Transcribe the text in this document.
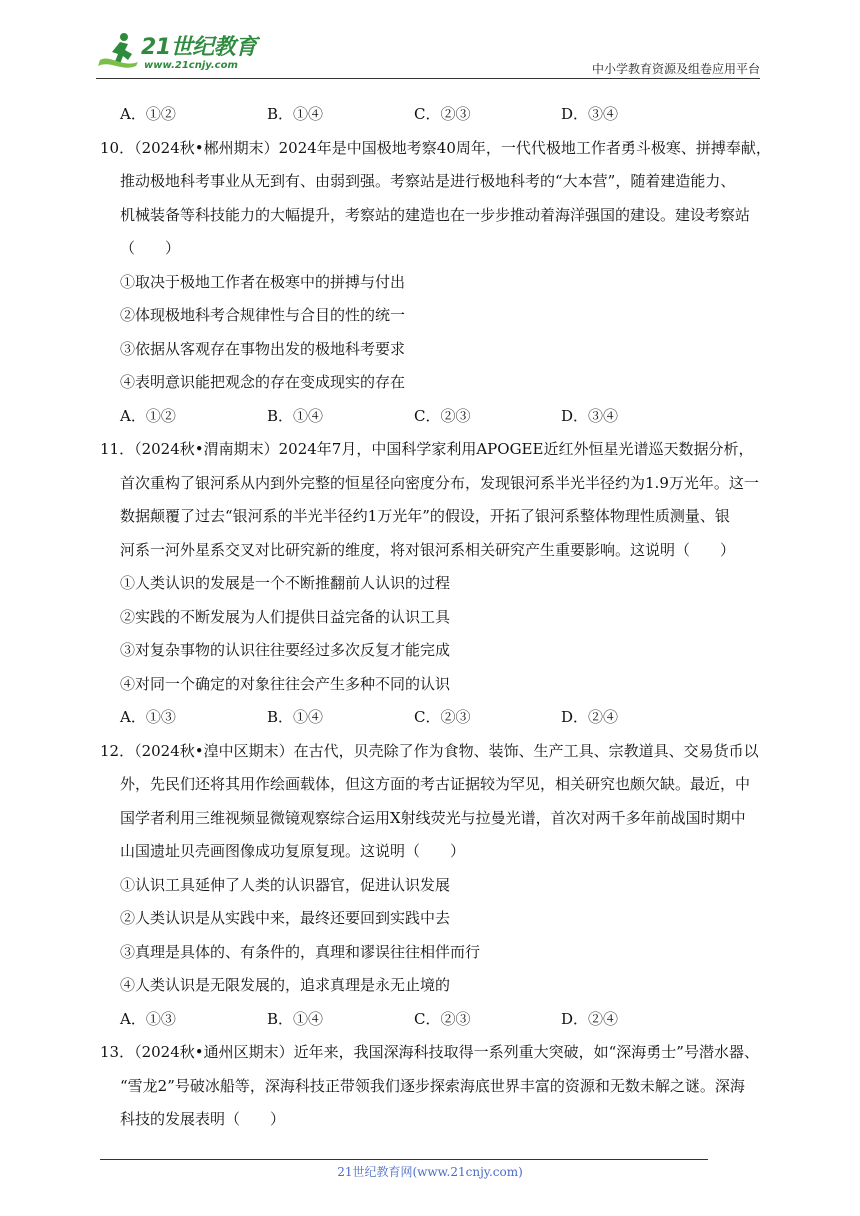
21世纪教育
www.21cnjy.com	中小学教育资源及组卷应用平台
A．①②	B．①④	C．②③	D．③④
10．（2024秋•郴州期末）2024年是中国极地考察40周年，一代代极地工作者勇斗极寒、拼搏奉献，
推动极地科考事业从无到有、由弱到强。考察站是进行极地科考的“大本营”，随着建造能力、
机械装备等科技能力的大幅提升，考察站的建造也在一步步推动着海洋强国的建设。建设考察站
（　　）
①取决于极地工作者在极寒中的拼搏与付出
②体现极地科考合规律性与合目的性的统一
③依据从客观存在事物出发的极地科考要求
④表明意识能把观念的存在变成现实的存在
A．①②	B．①④	C．②③	D．③④
11．（2024秋•渭南期末）2024年7月，中国科学家利用APOGEE近红外恒星光谱巡天数据分析，
首次重构了银河系从内到外完整的恒星径向密度分布，发现银河系半光半径约为1.9万光年。这一
数据颠覆了过去“银河系的半光半径约1万光年”的假设，开拓了银河系整体物理性质测量、银
河系一河外星系交叉对比研究新的维度，将对银河系相关研究产生重要影响。这说明（　　）
①人类认识的发展是一个不断推翻前人认识的过程
②实践的不断发展为人们提供日益完备的认识工具
③对复杂事物的认识往往要经过多次反复才能完成
④对同一个确定的对象往往会产生多种不同的认识
A．①③	B．①④	C．②③	D．②④
12．（2024秋•湟中区期末）在古代，贝壳除了作为食物、装饰、生产工具、宗教道具、交易货币以
外，先民们还将其用作绘画载体，但这方面的考古证据较为罕见，相关研究也颇欠缺。最近，中
国学者利用三维视频显微镜观察综合运用X射线荧光与拉曼光谱，首次对两千多年前战国时期中
山国遗址贝壳画图像成功复原复现。这说明（　　）
①认识工具延伸了人类的认识器官，促进认识发展
②人类认识是从实践中来，最终还要回到实践中去
③真理是具体的、有条件的，真理和谬误往往相伴而行
④人类认识是无限发展的，追求真理是永无止境的
A．①③	B．①④	C．②③	D．②④
13．（2024秋•通州区期末）近年来，我国深海科技取得一系列重大突破，如“深海勇士”号潜水器、
“雪龙2”号破冰船等，深海科技正带领我们逐步探索海底世界丰富的资源和无数未解之谜。深海
科技的发展表明（　　）
21世纪教育网(www.21cnjy.com)
